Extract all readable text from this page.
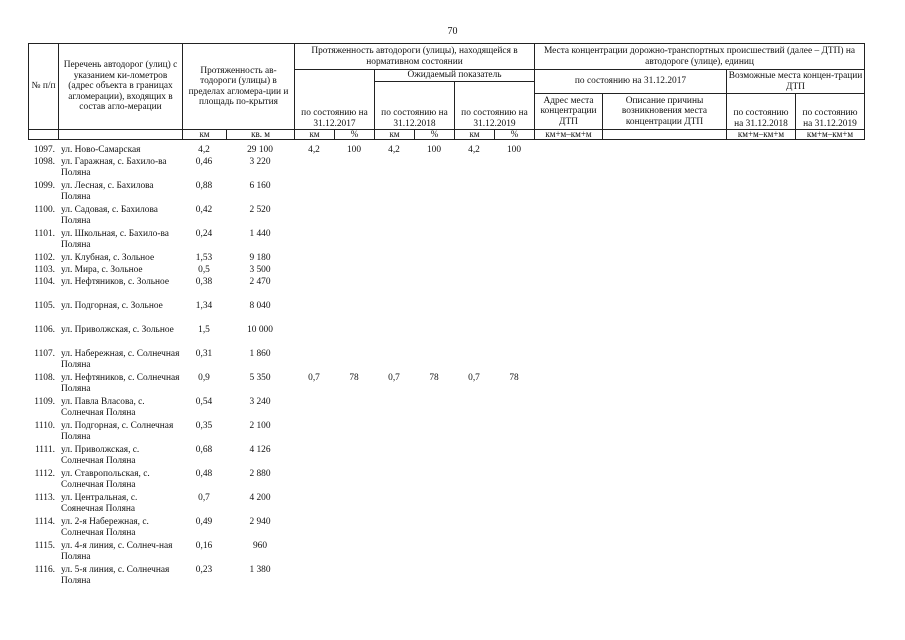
70
№ п/п	Перечень автодорог (улиц) с указанием ки-лометров (адрес объекта в границах агломерации), входящих в состав агло-мерации	Протяженность ав-тодороги (улицы) в пределах агломера-ции и площадь по-крытия		Протяженность автодороги (улицы), находящейся в нормативном состоянии						Места концентрации дорожно-транспортных происшествий (далее – ДТП) на автодороге (улице), единиц			
				по состоянию на 31.12.2017		Ожидаемый показатель				по состоянию на 31.12.2017		Возможные места концен-трации ДТП	
						по состоянию на 31.12.2018		по состоянию на 31.12.2019					
										Адрес места концентрации ДТП	Описание причины возникновения места концентрации ДТП	по состоянию на 31.12.2018	по состоянию на 31.12.2019
		км	кв. м	км	%	км	%	км	%	км+м–км+м		км+м–км+м	км+м–км+м
1097.	ул. Ново-Самарская	4,2	29 100	4,2	100	4,2	100	4,2	100
1098.	ул. Гаражная, с. Бахило-ва Поляна	0,46	3 220						
1099.	ул. Лесная, с. Бахилова Поляна	0,88	6 160						
1100.	ул. Садовая, с. Бахилова Поляна	0,42	2 520						
1101.	ул. Школьная, с. Бахило-ва Поляна	0,24	1 440						
1102.	ул. Клубная, с. Зольное	1,53	9 180						
1103.	ул. Мира, с. Зольное	0,5	3 500						
1104.	ул. Нефтяников, с. Зольное	0,38	2 470						
1105.	ул. Подгорная, с. Зольное	1,34	8 040						
1106.	ул. Приволжская, с. Зольное	1,5	10 000						
1107.	ул. Набережная, с. Солнечная Поляна	0,31	1 860						
1108.	ул. Нефтяников, с. Солнечная Поляна	0,9	5 350	0,7	78	0,7	78	0,7	78
1109.	ул. Павла Власова, с. Солнечная Поляна	0,54	3 240						
1110.	ул. Подгорная, с. Солнечная Поляна	0,35	2 100						
1111.	ул. Приволжская, с. Солнечная Поляна	0,68	4 126						
1112.	ул. Ставропольская, с. Солнечная Поляна	0,48	2 880						
1113.	ул. Центральная, с. Соянечная Поляна	0,7	4 200						
1114.	ул. 2-я Набережная, с. Солнечная Поляна	0,49	2 940						
1115.	ул. 4-я линия, с. Солнеч-ная Поляна	0,16	960						
1116.	ул. 5-я линия, с. Солнечная Поляна	0,23	1 380						
